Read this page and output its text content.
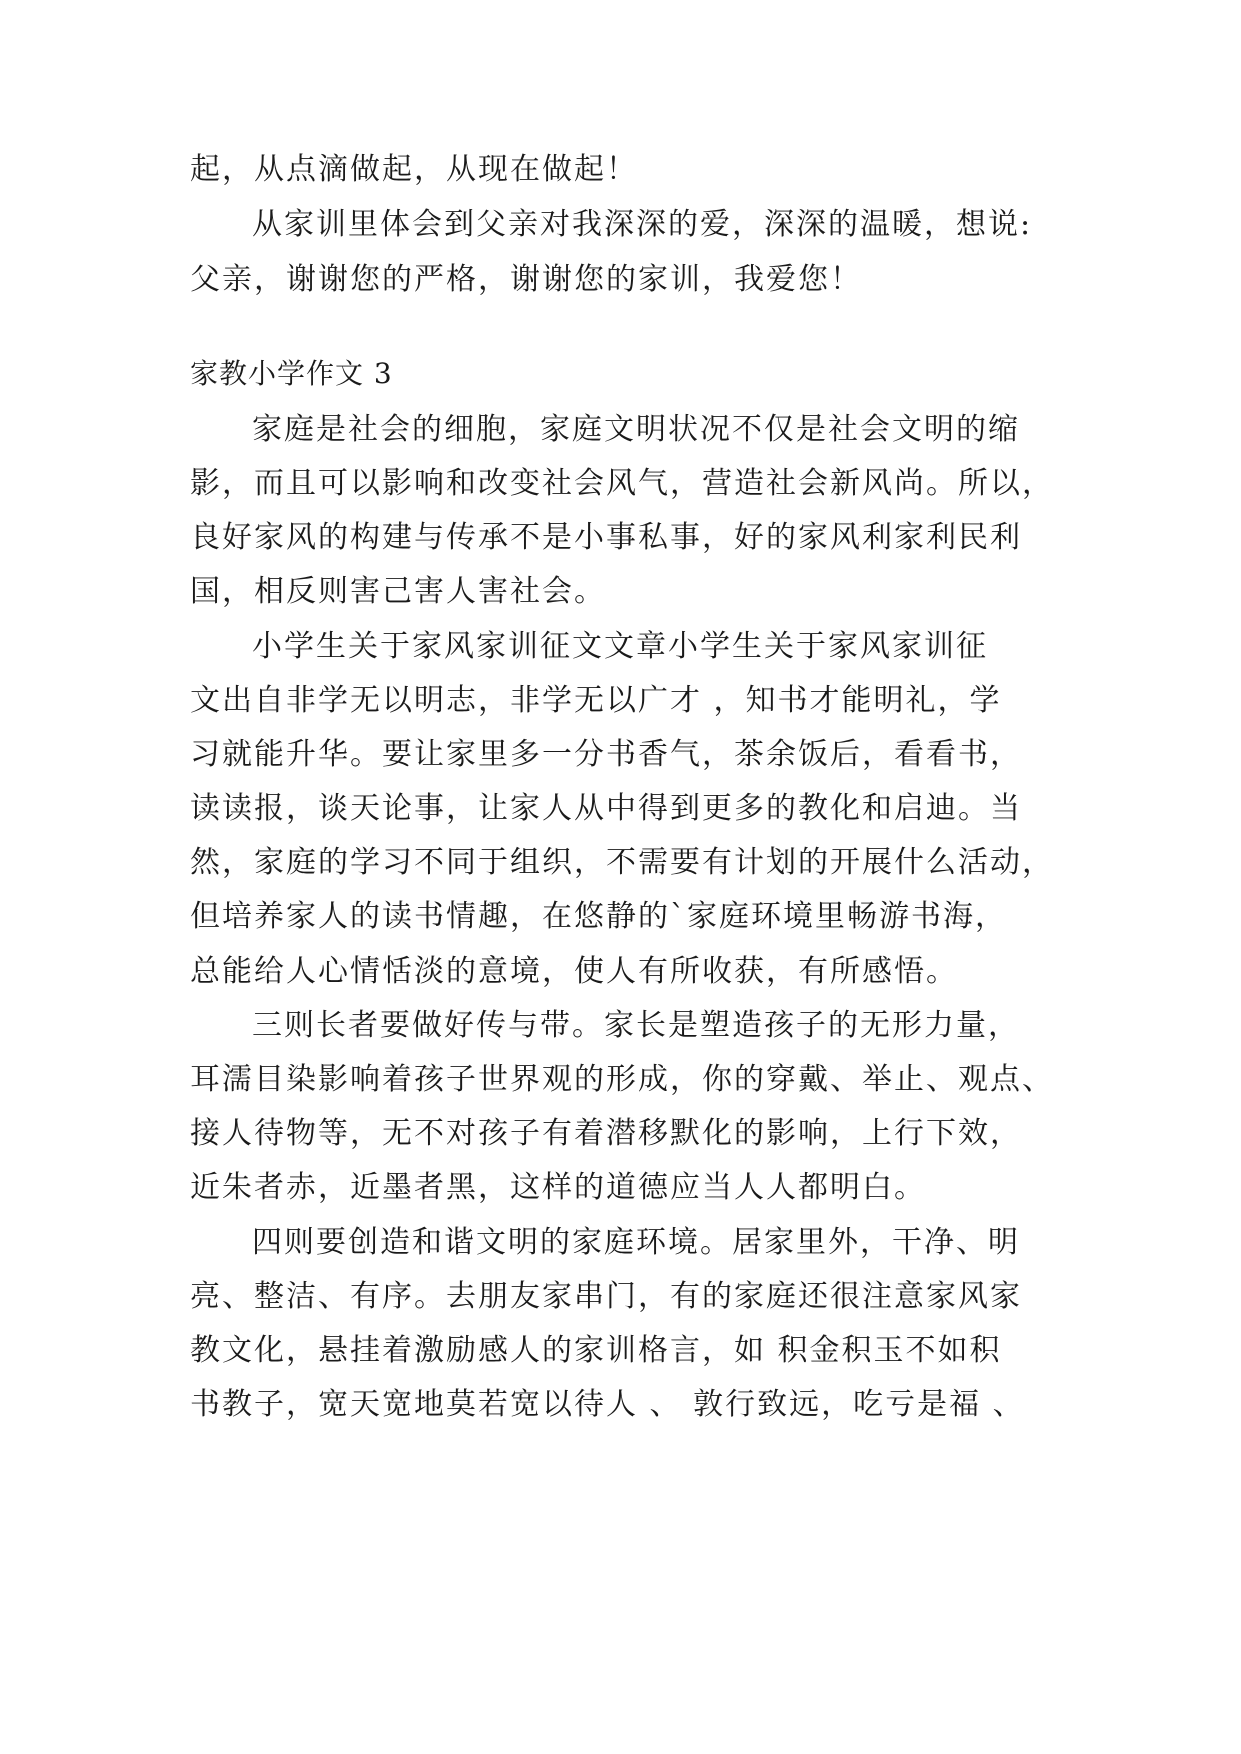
起，从点滴做起，从现在做起！
从家训里体会到父亲对我深深的爱，深深的温暖，想说:
父亲，谢谢您的严格，谢谢您的家训，我爱您！
家教小学作文 3
家庭是社会的细胞，家庭文明状况不仅是社会文明的缩
影，而且可以影响和改变社会风气，营造社会新风尚。所以，
良好家风的构建与传承不是小事私事，好的家风利家利民利
国，相反则害己害人害社会。
小学生关于家风家训征文文章小学生关于家风家训征
文出自非学无以明志，非学无以广才 ，知书才能明礼，学
习就能升华。要让家里多一分书香气，茶余饭后，看看书，
读读报，谈天论事，让家人从中得到更多的教化和启迪。当
然，家庭的学习不同于组织，不需要有计划的开展什么活动，
但培养家人的读书情趣，在悠静的`家庭环境里畅游书海，
总能给人心情恬淡的意境，使人有所收获，有所感悟。
三则长者要做好传与带。家长是塑造孩子的无形力量，
耳濡目染影响着孩子世界观的形成，你的穿戴、举止、观点、
接人待物等，无不对孩子有着潜移默化的影响，上行下效，
近朱者赤，近墨者黑，这样的道德应当人人都明白。
四则要创造和谐文明的家庭环境。居家里外，干净、明
亮、整洁、有序。去朋友家串门，有的家庭还很注意家风家
教文化，悬挂着激励感人的家训格言，如 积金积玉不如积
书教子，宽天宽地莫若宽以待人 、 敦行致远，吃亏是福 、
